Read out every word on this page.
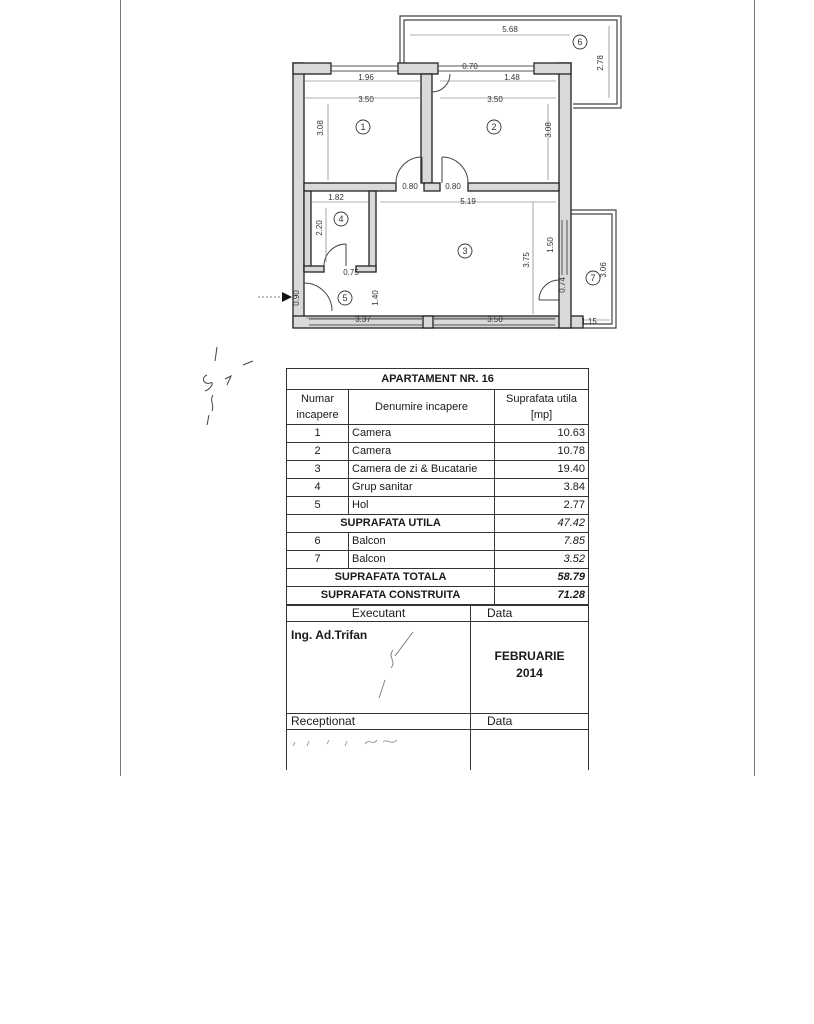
1	2
3
4
5
6
7
5.68
2.78
0.70
1.96	1.48
3.50	3.50
3.08	3.08
0.80	0.80
1.82	5.19
2.20
0.75
1.40
3.75
1.50
0.74
3.06
0.90
3.37	3.50	1.15
APARTAMENT NR. 16		
Numar incapere	Denumire incapere	Suprafata utila [mp]
1	Camera	10.63
2	Camera	10.78
3	Camera de zi & Bucatarie	19.40
4	Grup sanitar	3.84
5	Hol	2.77
SUPRAFATA UTILA		47.42
6	Balcon	7.85
7	Balcon	3.52
SUPRAFATA TOTALA		58.79
SUPRAFATA CONSTRUITA		71.28
Executant	Data

Ing. Ad.Trifan	FEBRUARIE
2014

Receptionat	Data
